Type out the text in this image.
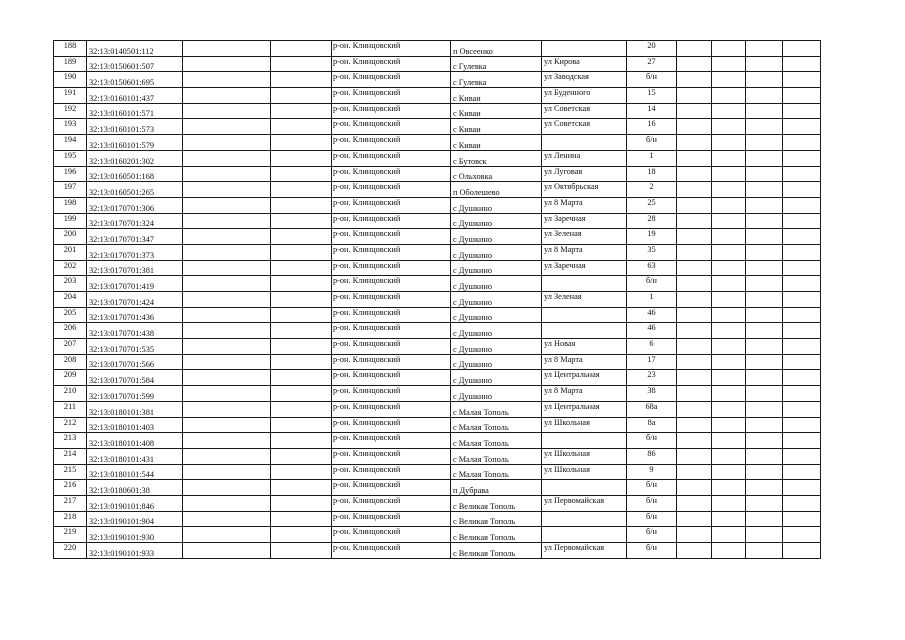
188	32:13:0140501:112			р-он. Клинцовский	п Овсеенко		20				
189	32:13:0150601:507			р-он. Клинцовский	с Гулевка	ул Кирова	27				
190	32:13:0150601:695			р-он. Клинцовский	с Гулевка	ул Заводская	б/н				
191	32:13:0160101:437			р-он. Клинцовский	с Киваи	ул Буденного	15				
192	32:13:0160101:571			р-он. Клинцовский	с Киваи	ул Советская	14				
193	32:13:0160101:573			р-он. Клинцовский	с Киваи	ул Советская	16				
194	32:13:0160101:579			р-он. Клинцовский	с Киваи		б/н				
195	32:13:0160201:302			р-он. Клинцовский	с Бутовск	ул Ленина	1				
196	32:13:0160501:168			р-он. Клинцовский	с Ольховка	ул Луговая	18				
197	32:13:0160501:265			р-он. Клинцовский	п Оболешево	ул Октябрьская	2				
198	32:13:0170701:306			р-он. Клинцовский	с Душкино	ул 8 Марта	25				
199	32:13:0170701:324			р-он. Клинцовский	с Душкино	ул Заречная	28				
200	32:13:0170701:347			р-он. Клинцовский	с Душкино	ул Зеленая	19				
201	32:13:0170701:373			р-он. Клинцовский	с Душкино	ул 8 Марта	35				
202	32:13:0170701:381			р-он. Клинцовский	с Душкино	ул Заречная	63				
203	32:13:0170701:419			р-он. Клинцовский	с Душкино		б/н				
204	32:13:0170701:424			р-он. Клинцовский	с Душкино	ул Зеленая	1				
205	32:13:0170701:436			р-он. Клинцовский	с Душкино		46				
206	32:13:0170701:438			р-он. Клинцовский	с Душкино		46				
207	32:13:0170701:535			р-он. Клинцовский	с Душкино	ул Новая	6				
208	32:13:0170701:566			р-он. Клинцовский	с Душкино	ул 8 Марта	17				
209	32:13:0170701:584			р-он. Клинцовский	с Душкино	ул Центральная	23				
210	32:13:0170701:599			р-он. Клинцовский	с Душкино	ул 8 Марта	38				
211	32:13:0180101:381			р-он. Клинцовский	с Малая Тополь	ул Центральная	68а				
212	32:13:0180101:403			р-он. Клинцовский	с Малая Тополь	ул Школьная	8а				
213	32:13:0180101:408			р-он. Клинцовский	с Малая Тополь		б/н				
214	32:13:0180101:431			р-он. Клинцовский	с Малая Тополь	ул Школьная	86				
215	32:13:0180101:544			р-он. Клинцовский	с Малая Тополь	ул Школьная	9				
216	32:13:0180601:38			р-он. Клинцовский	п Дубрава		б/н				
217	32:13:0190101:846			р-он. Клинцовский	с Великая Тополь	ул Первомайская	б/н				
218	32:13:0190101:904			р-он. Клинцовский	с Великая Тополь		б/н				
219	32:13:0190101:930			р-он. Клинцовский	с Великая Тополь		б/н				
220	32:13:0190101:933			р-он. Клинцовский	с Великая Тополь	ул Первомайская	б/н				
